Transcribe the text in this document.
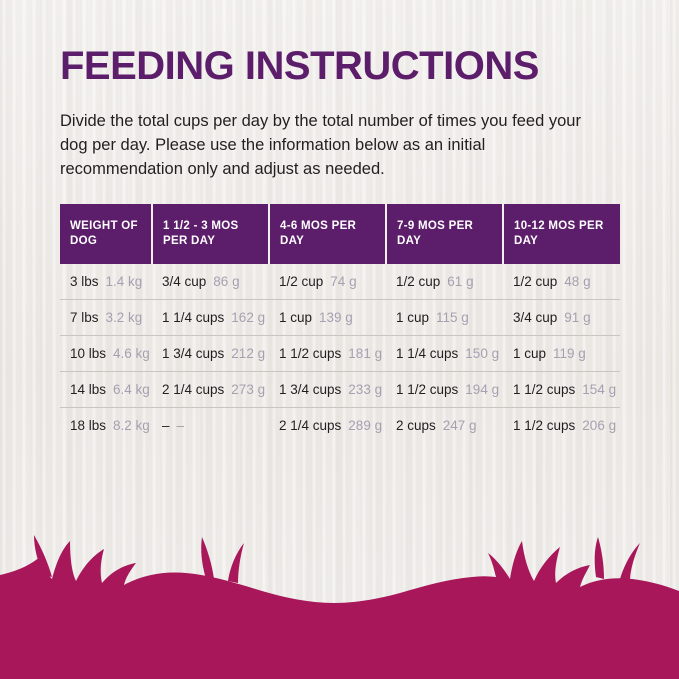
FEEDING INSTRUCTIONS

Divide the total cups per day by the total number of times you feed your dog per day. Please use the information below as an initial recommendation only and adjust as needed.

WEIGHT OF DOG	1 1/2 - 3 MOS PER DAY	4-6 MOS PER DAY	7-9 MOS PER DAY	10-12 MOS PER DAY
3 lbs 1.4 kg	3/4 cup 86 g	1/2 cup 74 g	1/2 cup 61 g	1/2 cup 48 g
7 lbs 3.2 kg	1 1/4 cups 162 g	1 cup 139 g	1 cup 115 g	3/4 cup 91 g
10 lbs 4.6 kg	1 3/4 cups 212 g	1 1/2 cups 181 g	1 1/4 cups 150 g	1 cup 119 g
14 lbs 6.4 kg	2 1/4 cups 273 g	1 3/4 cups 233 g	1 1/2 cups 194 g	1 1/2 cups 154 g
18 lbs 8.2 kg	– –	2 1/4 cups 289 g	2 cups 247 g	1 1/2 cups 206 g
